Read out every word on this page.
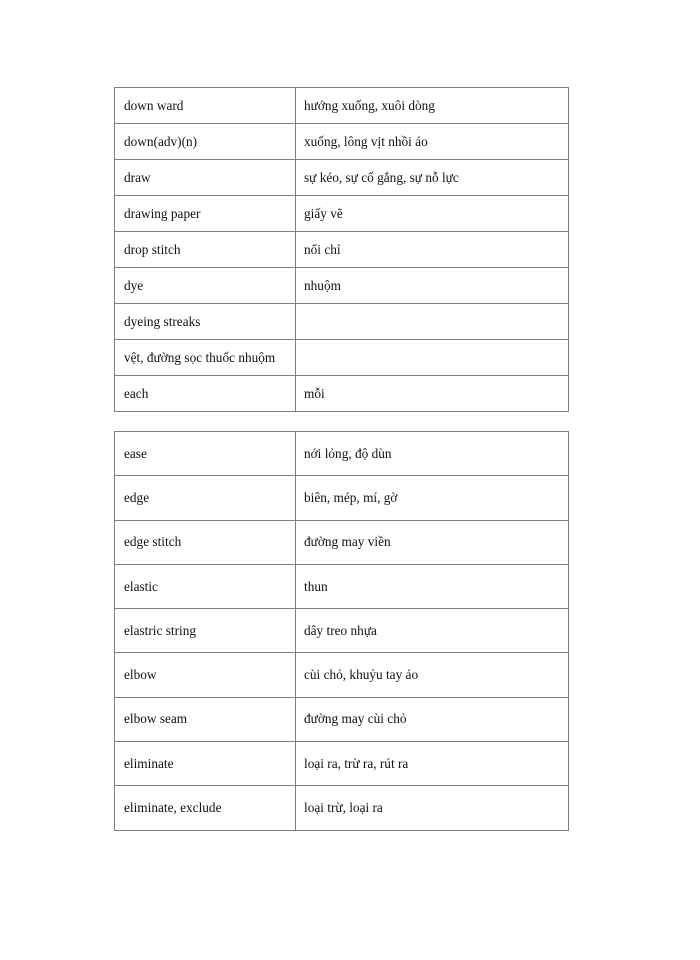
down ward	hướng xuống, xuôi dòng
down(adv)(n)	xuống, lông vịt nhồi áo
draw	sự kéo, sự cố gắng, sự nỗ lực
drawing paper	giấy vẽ
drop stitch	nổi chỉ
dye	nhuộm
dyeing streaks	
vệt, đường sọc thuốc nhuộm	
each	mỗi
ease	nới lỏng, độ dùn
edge	biên, mép, mí, gờ
edge stitch	đường may viền
elastic	thun
elastric string	dây treo nhựa
elbow	cùi chỏ, khuỷu tay áo
elbow seam	đường may cùi chỏ
eliminate	loại ra, trừ ra, rút ra
eliminate, exclude	loại trừ, loại ra
